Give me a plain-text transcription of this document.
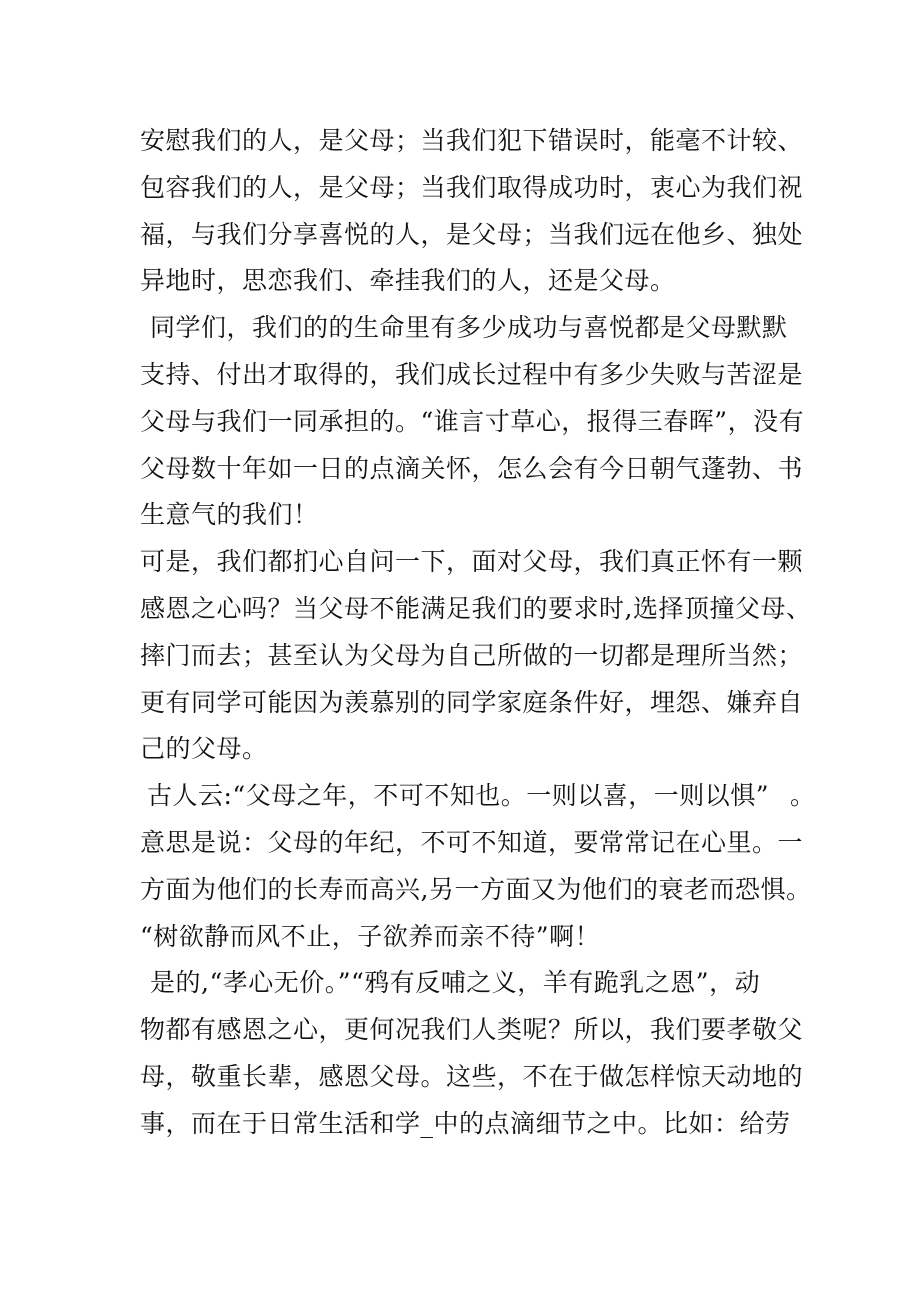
安慰我们的人，是父母；当我们犯下错误时，能毫不计较、
包容我们的人，是父母；当我们取得成功时，衷心为我们祝
福，与我们分享喜悦的人，是父母；当我们远在他乡、独处
异地时，思恋我们、牵挂我们的人，还是父母。
同学们，我们的的生命里有多少成功与喜悦都是父母默默
支持、付出才取得的，我们成长过程中有多少失败与苦涩是
父母与我们一同承担的。“谁言寸草心，报得三春晖”，没有
父母数十年如一日的点滴关怀，怎么会有今日朝气蓬勃、书
生意气的我们！
可是，我们都扪心自问一下，面对父母，我们真正怀有一颗
感恩之心吗？当父母不能满足我们的要求时,选择顶撞父母、
摔门而去；甚至认为父母为自己所做的一切都是理所当然；
更有同学可能因为羡慕别的同学家庭条件好，埋怨、嫌弃自
己的父母。
古人云:“父母之年，不可不知也。一则以喜，一则以惧” 。
意思是说：父母的年纪，不可不知道，要常常记在心里。一
方面为他们的长寿而高兴,另一方面又为他们的衰老而恐惧。
“树欲静而风不止，子欲养而亲不待”啊！
是的,“孝心无价。”“鸦有反哺之义，羊有跪乳之恩”，动
物都有感恩之心，更何况我们人类呢？所以，我们要孝敬父
母，敬重长辈，感恩父母。这些，不在于做怎样惊天动地的
事，而在于日常生活和学_中的点滴细节之中。比如：给劳
